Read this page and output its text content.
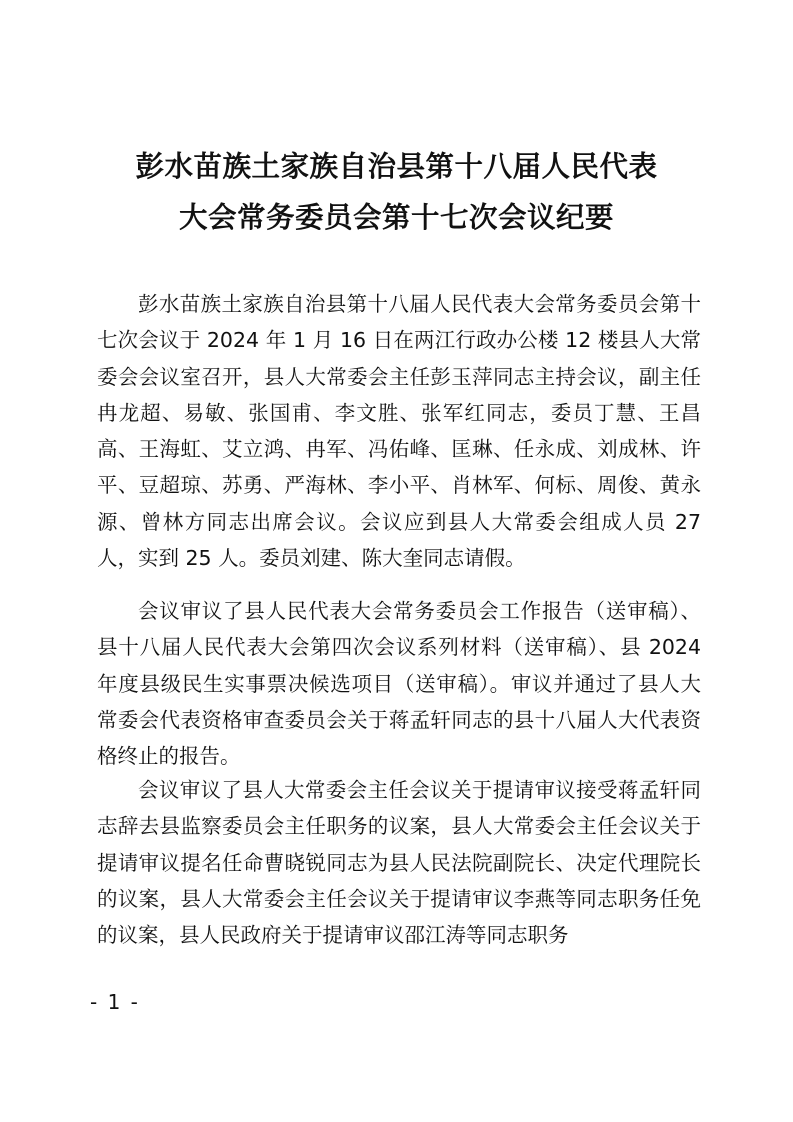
彭水苗族土家族自治县第十八届人民代表
大会常务委员会第十七次会议纪要

彭水苗族土家族自治县第十八届人民代表大会常务委员会第十七次会议于 2024 年 1 月 16 日在两江行政办公楼 12 楼县人大常委会会议室召开，县人大常委会主任彭玉萍同志主持会议，副主任冉龙超、易敏、张国甫、李文胜、张军红同志，委员丁慧、王昌高、王海虹、艾立鸿、冉军、冯佑峰、匡琳、任永成、刘成林、许平、豆超琼、苏勇、严海林、李小平、肖林军、何标、周俊、黄永源、曾林方同志出席会议。会议应到县人大常委会组成人员 27 人，实到 25 人。委员刘建、陈大奎同志请假。

会议审议了县人民代表大会常务委员会工作报告（送审稿）、县十八届人民代表大会第四次会议系列材料（送审稿）、县 2024 年度县级民生实事票决候选项目（送审稿）。审议并通过了县人大常委会代表资格审查委员会关于蒋孟轩同志的县十八届人大代表资格终止的报告。

会议审议了县人大常委会主任会议关于提请审议接受蒋孟轩同志辞去县监察委员会主任职务的议案，县人大常委会主任会议关于提请审议提名任命曹晓锐同志为县人民法院副院长、决定代理院长的议案，县人大常委会主任会议关于提请审议李燕等同志职务任免的议案，县人民政府关于提请审议邵江涛等同志职务

- 1 -
